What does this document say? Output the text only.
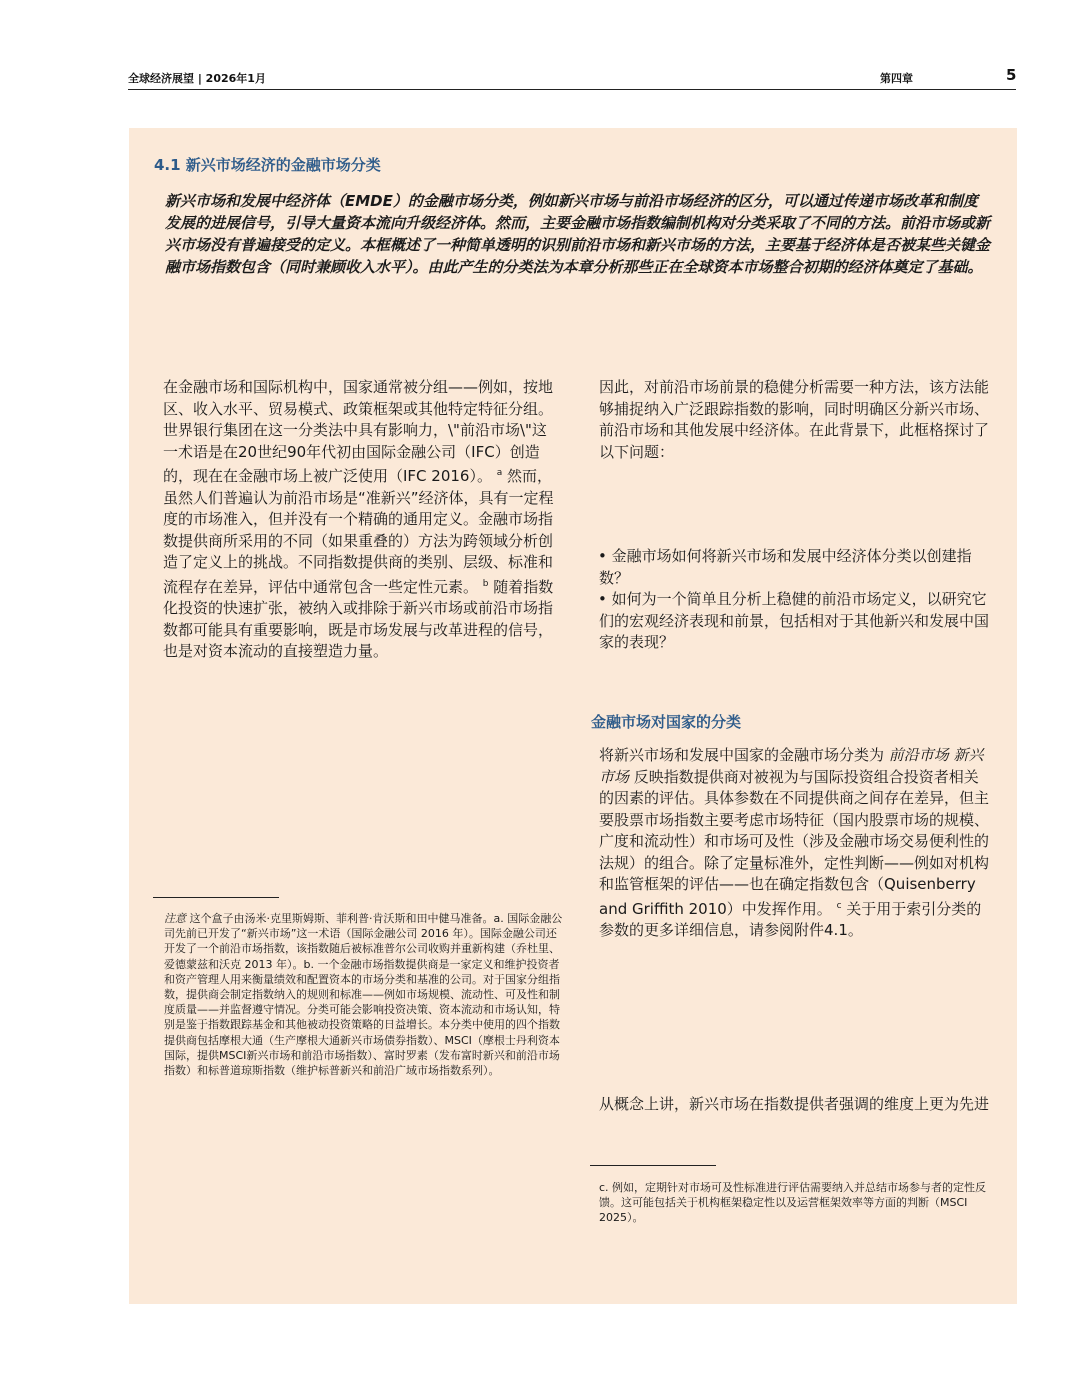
全球经济展望 | 2026年1月	第四章	5
4.1 新兴市场经济的金融市场分类
新兴市场和发展中经济体（EMDE）的金融市场分类，例如新兴市场与前沿市场经济的区分，可以通过传递市场改革和制度发展的进展信号，引导大量资本流向升级经济体。然而，主要金融市场指数编制机构对分类采取了不同的方法。前沿市场或新兴市场没有普遍接受的定义。本框概述了一种简单透明的识别前沿市场和新兴市场的方法，主要基于经济体是否被某些关键金融市场指数包含（同时兼顾收入水平）。由此产生的分类法为本章分析那些正在全球资本市场整合初期的经济体奠定了基础。
在金融市场和国际机构中，国家通常被分组——例如，按地区、收入水平、贸易模式、政策框架或其他特定特征分组。世界银行集团在这一分类法中具有影响力，\"前沿市场\"这一术语是在20世纪90年代初由国际金融公司（IFC）创造的，现在在金融市场上被广泛使用（IFC 2016）。 $^a$ 然而，虽然人们普遍认为前沿市场是“准新兴”经济体，具有一定程度的市场准入，但并没有一个精确的通用定义。金融市场指数提供商所采用的不同（如果重叠的）方法为跨领域分析创造了定义上的挑战。不同指数提供商的类别、层级、标准和流程存在差异，评估中通常包含一些定性元素。 $^b$ 随着指数化投资的快速扩张，被纳入或排除于新兴市场或前沿市场指数都可能具有重要影响，既是市场发展与改革进程的信号，也是对资本流动的直接塑造力量。
因此，对前沿市场前景的稳健分析需要一种方法，该方法能够捕捉纳入广泛跟踪指数的影响，同时明确区分新兴市场、前沿市场和其他发展中经济体。在此背景下，此框格探讨了以下问题：
• 金融市场如何将新兴市场和发展中经济体分类以创建指数？
• 如何为一个简单且分析上稳健的前沿市场定义，以研究它们的宏观经济表现和前景，包括相对于其他新兴和发展中国家的表现？
金融市场对国家的分类
将新兴市场和发展中国家的金融市场分类为 前沿市场 新兴市场 反映指数提供商对被视为与国际投资组合投资者相关的因素的评估。具体参数在不同提供商之间存在差异，但主要股票市场指数主要考虑市场特征（国内股票市场的规模、广度和流动性）和市场可及性（涉及金融市场交易便利性的法规）的组合。除了定量标准外，定性判断——例如对机构和监管框架的评估——也在确定指数包含（Quisenberry and Griffith 2010）中发挥作用。 $^c$ 关于用于索引分类的参数的更多详细信息，请参阅附件4.1。
从概念上讲，新兴市场在指数提供者强调的维度上更为先进
注意 这个盒子由汤米·克里斯姆斯、菲利普·肯沃斯和田中健马准备。a. 国际金融公司先前已开发了“新兴市场”这一术语（国际金融公司 2016 年）。国际金融公司还开发了一个前沿市场指数，该指数随后被标准普尔公司收购并重新构建（乔杜里、爱德蒙兹和沃克 2013 年）。b. 一个金融市场指数提供商是一家定义和维护投资者和资产管理人用来衡量绩效和配置资本的市场分类和基准的公司。对于国家分组指数，提供商会制定指数纳入的规则和标准——例如市场规模、流动性、可及性和制度质量——并监督遵守情况。分类可能会影响投资决策、资本流动和市场认知，特别是鉴于指数跟踪基金和其他被动投资策略的日益增长。本分类中使用的四个指数提供商包括摩根大通（生产摩根大通新兴市场债券指数）、MSCI（摩根士丹利资本国际，提供MSCI新兴市场和前沿市场指数）、富时罗素（发布富时新兴和前沿市场指数）和标普道琼斯指数（维护标普新兴和前沿广域市场指数系列）。
c. 例如，定期针对市场可及性标准进行评估需要纳入并总结市场参与者的定性反馈。这可能包括关于机构框架稳定性以及运营框架效率等方面的判断（MSCI 2025）。
